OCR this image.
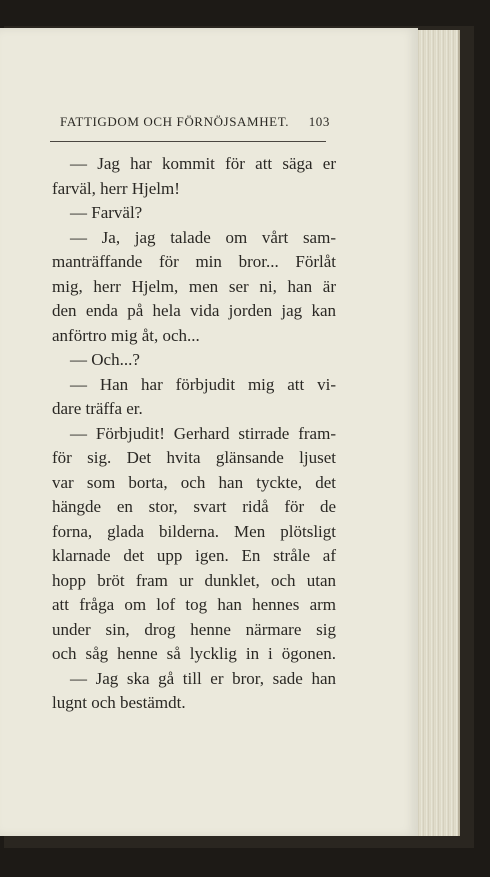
FATTIGDOM OCH FÖRNÖJSAMHET. 103
— Jag har kommit för att säga er
farväl, herr Hjelm!
— Farväl?
— Ja, jag talade om vårt sam-
manträffande för min bror... Förlåt
mig, herr Hjelm, men ser ni, han är
den enda på hela vida jorden jag kan
anförtro mig åt, och...
— Och...?
— Han har förbjudit mig att vi-
dare träffa er.
— Förbjudit! Gerhard stirrade fram-
för sig. Det hvita glänsande ljuset
var som borta, och han tyckte, det
hängde en stor, svart ridå för de
forna, glada bilderna. Men plötsligt
klarnade det upp igen. En stråle af
hopp bröt fram ur dunklet, och utan
att fråga om lof tog han hennes arm
under sin, drog henne närmare sig
och såg henne så lycklig in i ögonen.
— Jag ska gå till er bror, sade han
lugnt och bestämdt.
